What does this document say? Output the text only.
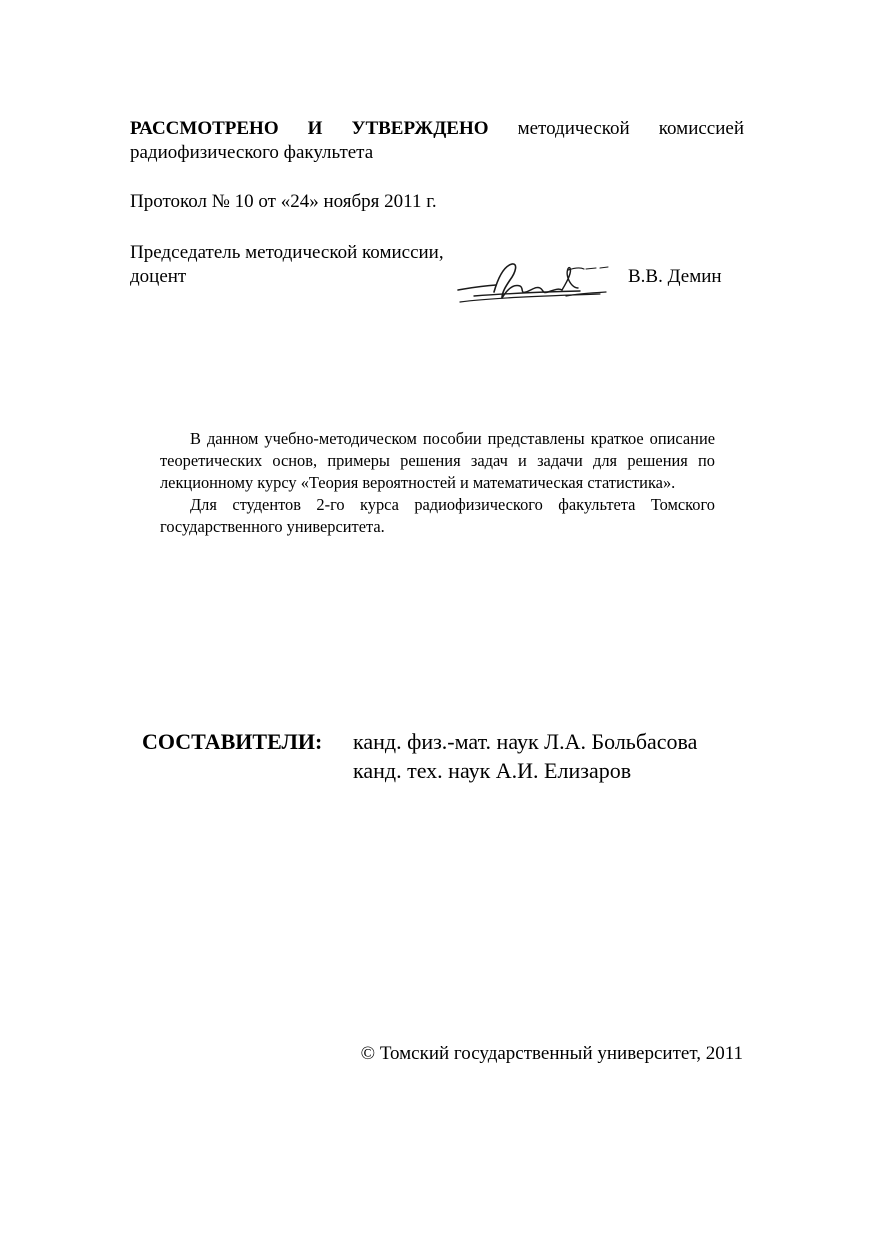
РАССМОТРЕНО И УТВЕРЖДЕНО методической комиссией
радиофизического факультета
Протокол № 10 от «24» ноября 2011 г.
Председатель методической комиссии,
доцент	В.В. Демин

В данном учебно-методическом пособии представлены краткое описание теоретических основ, примеры решения задач и задачи для решения по лекционному курсу «Теория вероятностей и математическая статистика».

Для студентов 2-го курса радиофизического факультета Томского государственного университета.

СОСТАВИТЕЛИ: канд. физ.-мат. наук Л.А. Больбасова
канд. тех. наук А.И. Елизаров
© Томский государственный университет, 2011
